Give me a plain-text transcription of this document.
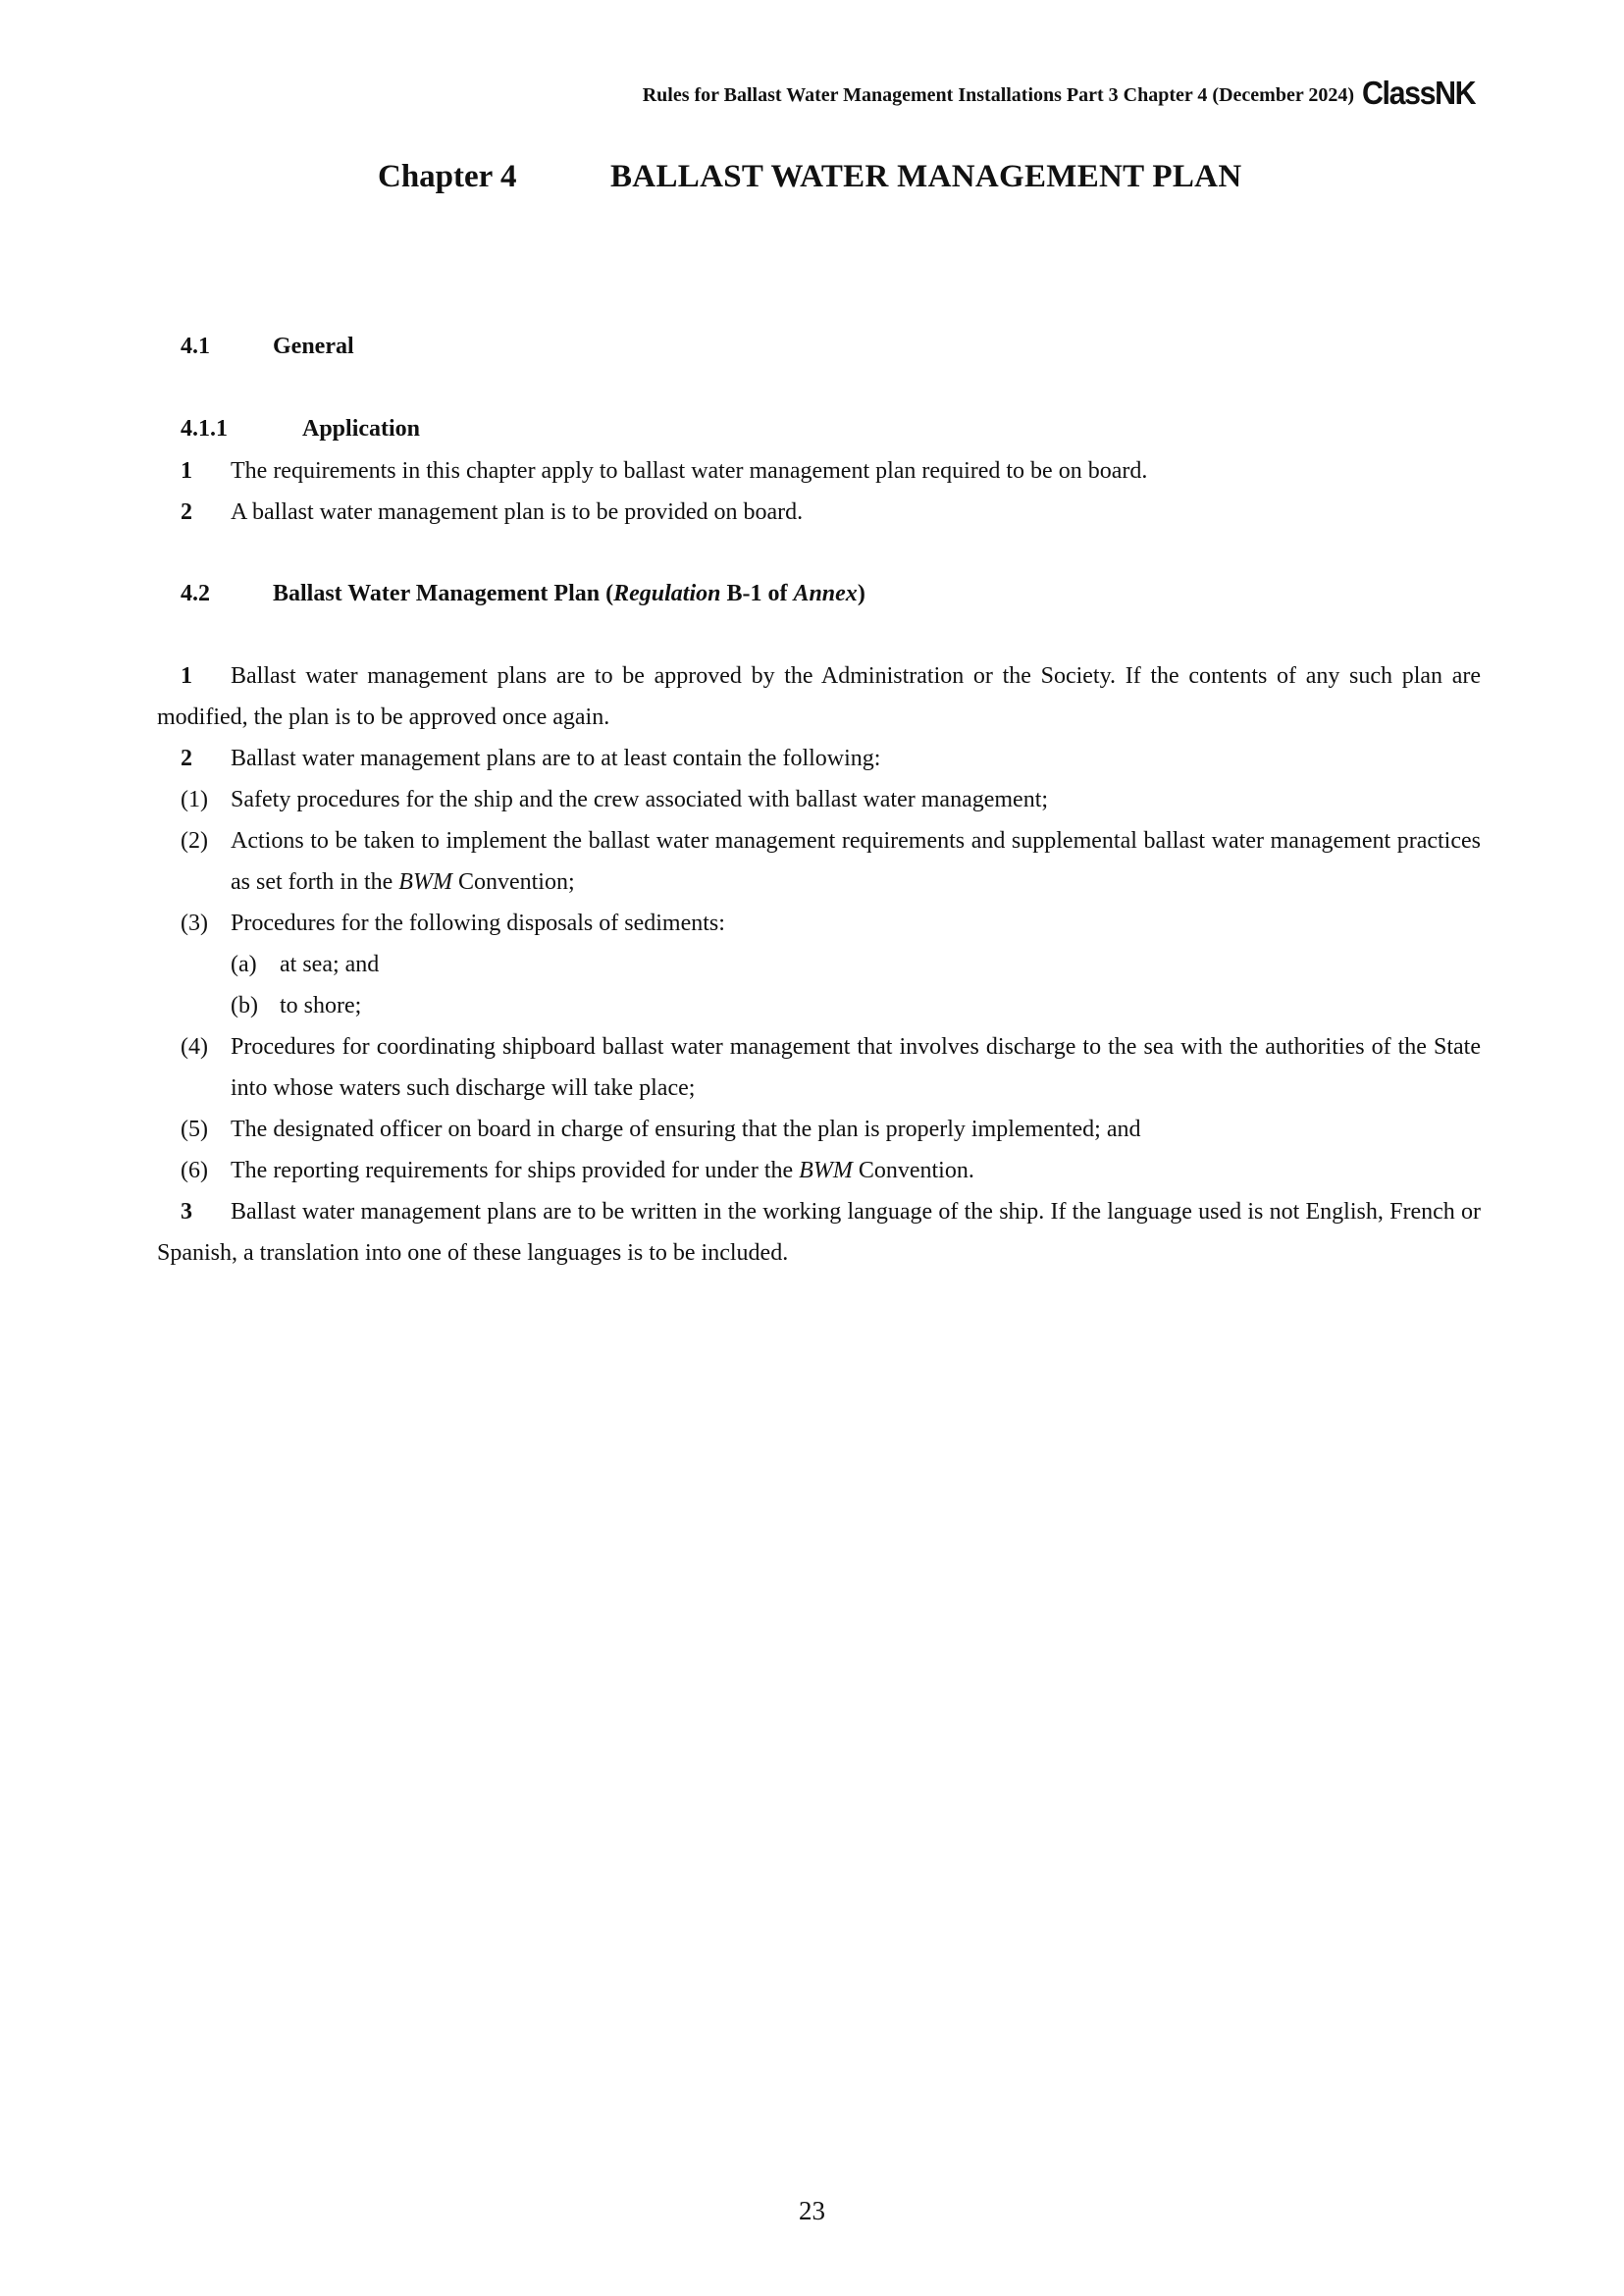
Rules for Ballast Water Management Installations Part 3 Chapter 4 (December 2024) ClassNK
Chapter 4	BALLAST WATER MANAGEMENT PLAN
4.1	General
4.1.1	Application
1 The requirements in this chapter apply to ballast water management plan required to be on board.
2 A ballast water management plan is to be provided on board.
4.2	Ballast Water Management Plan (Regulation B-1 of Annex)
1 Ballast water management plans are to be approved by the Administration or the Society. If the contents of any such plan are modified, the plan is to be approved once again.
2 Ballast water management plans are to at least contain the following:
(1) Safety procedures for the ship and the crew associated with ballast water management;
(2) Actions to be taken to implement the ballast water management requirements and supplemental ballast water management practices as set forth in the BWM Convention;
(3) Procedures for the following disposals of sediments:
(a) at sea; and
(b) to shore;
(4) Procedures for coordinating shipboard ballast water management that involves discharge to the sea with the authorities of the State into whose waters such discharge will take place;
(5) The designated officer on board in charge of ensuring that the plan is properly implemented; and
(6) The reporting requirements for ships provided for under the BWM Convention.
3 Ballast water management plans are to be written in the working language of the ship. If the language used is not English, French or Spanish, a translation into one of these languages is to be included.
23
